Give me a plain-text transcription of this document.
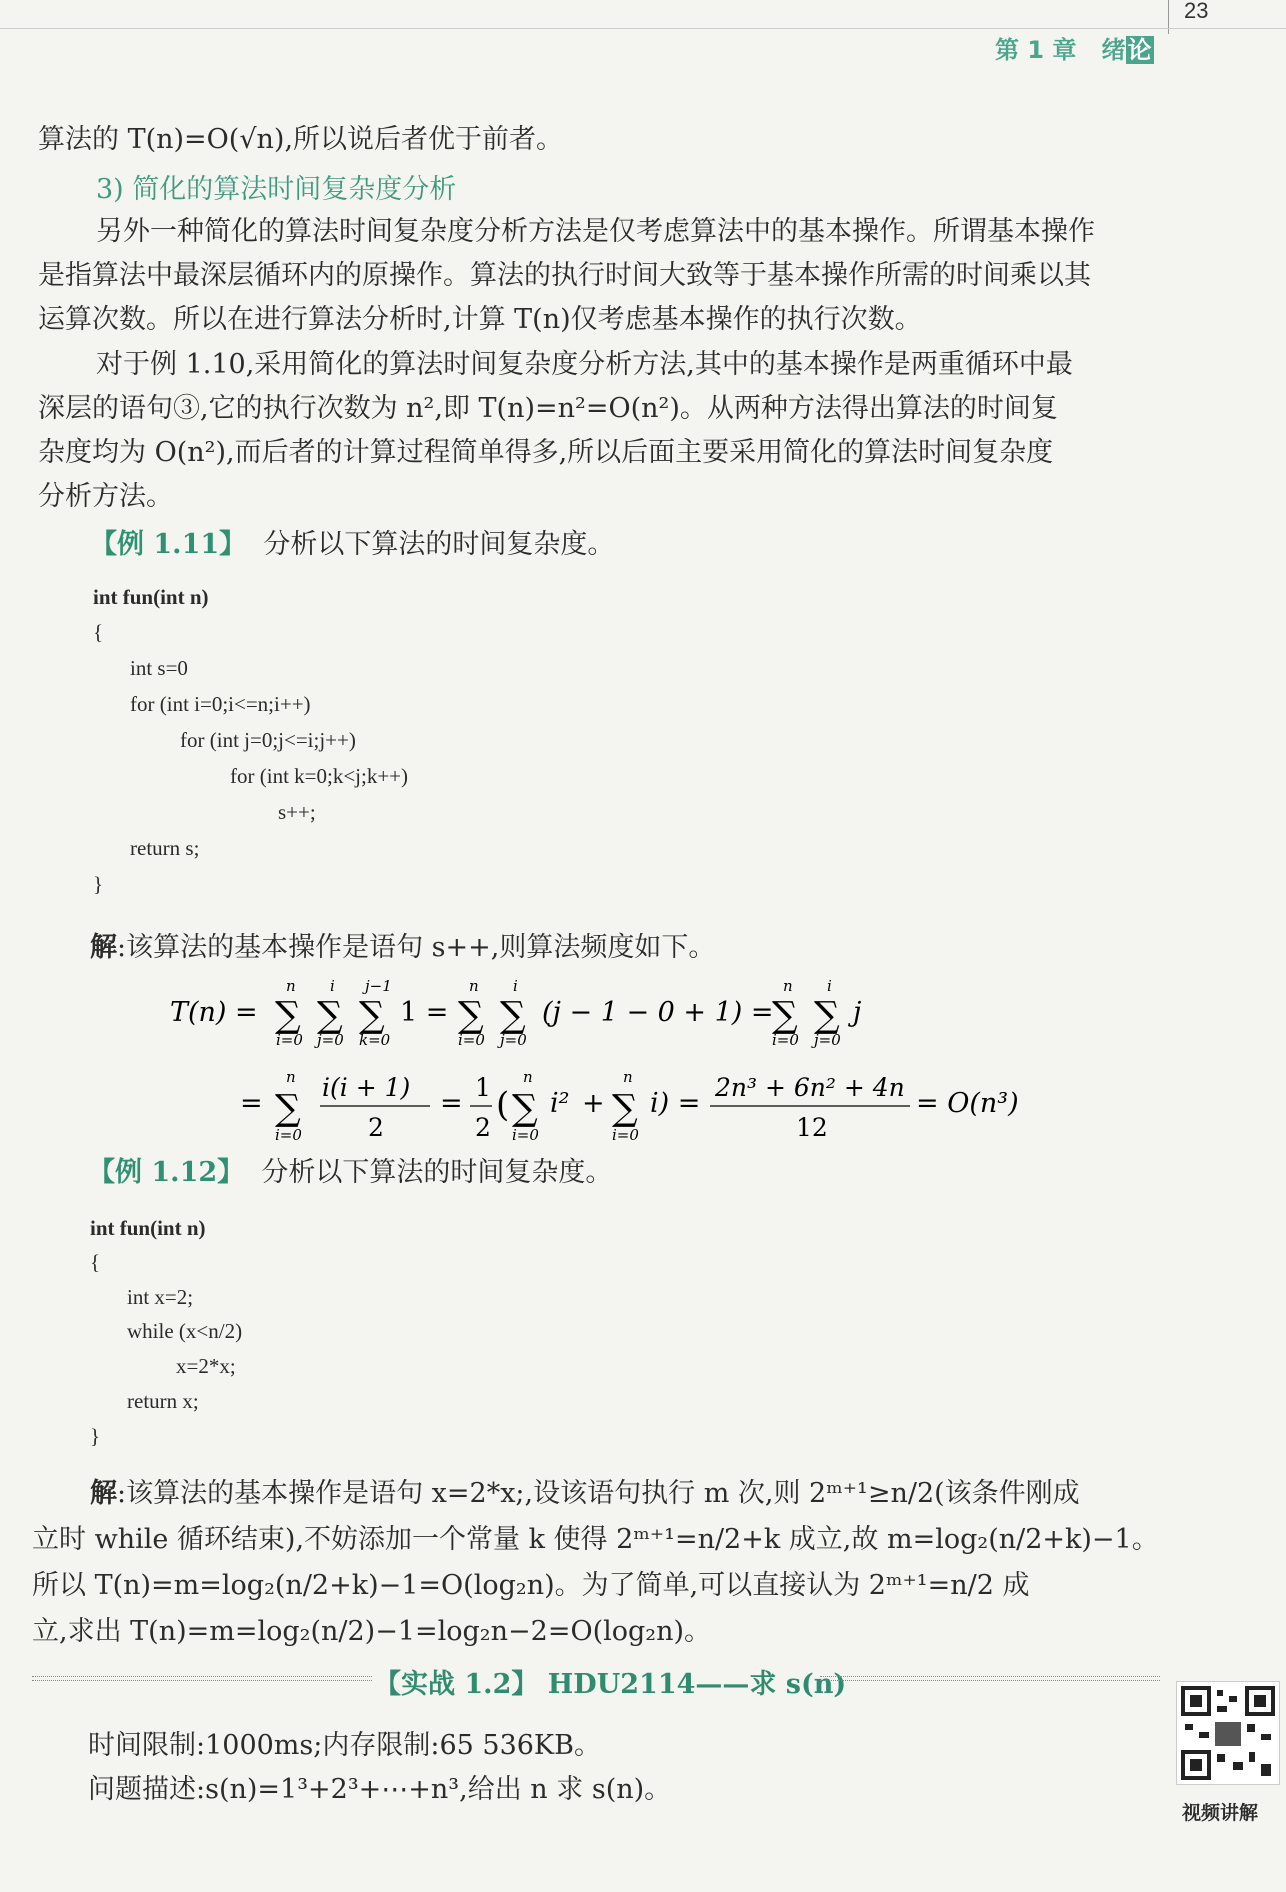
23
第 1 章 绪论
算法的 T(n)=O(√n),所以说后者优于前者。
3) 简化的算法时间复杂度分析
另外一种简化的算法时间复杂度分析方法是仅考虑算法中的基本操作。所谓基本操作
是指算法中最深层循环内的原操作。算法的执行时间大致等于基本操作所需的时间乘以其
运算次数。所以在进行算法分析时,计算 T(n)仅考虑基本操作的执行次数。
对于例 1.10,采用简化的算法时间复杂度分析方法,其中的基本操作是两重循环中最
深层的语句③,它的执行次数为 n²,即 T(n)=n²=O(n²)。从两种方法得出算法的时间复
杂度均为 O(n²),而后者的计算过程简单得多,所以后面主要采用简化的算法时间复杂度
分析方法。
【例 1.11】 分析以下算法的时间复杂度。
int fun(int n)
{
int s=0
for (int i=0;i<=n;i++)
for (int j=0;j<=i;j++)
for (int k=0;k<j;k++)
s++;
return s;
}
解:该算法的基本操作是语句 s++,则算法频度如下。
T(n) = ∑
n
i=0
∑
i
j=0
∑
j−1
k=0
1 = ∑
n
i=0
∑
i
j=0
(j − 1 − 0 + 1) =
∑
n
i=0
∑
i
j=0
j
= ∑
n
i=0
i(i + 1)
2
=
1
2
( ∑
n
i=0
i² + ∑
n
i=0
i) =
2n³ + 6n² + 4n
12
= O(n³)
【例 1.12】 分析以下算法的时间复杂度。
int fun(int n)
{
int x=2;
while (x<n/2)
x=2*x;
return x;
}
解:该算法的基本操作是语句 x=2*x;,设该语句执行 m 次,则 2ᵐ⁺¹≥n/2(该条件刚成
立时 while 循环结束),不妨添加一个常量 k 使得 2ᵐ⁺¹=n/2+k 成立,故 m=log₂(n/2+k)−1。
所以 T(n)=m=log₂(n/2+k)−1=O(log₂n)。为了简单,可以直接认为 2ᵐ⁺¹=n/2 成
立,求出 T(n)=m=log₂(n/2)−1=log₂n−2=O(log₂n)。
【实战 1.2】 HDU2114——求 s(n)
视频讲解
时间限制:1000ms;内存限制:65 536KB。
问题描述:s(n)=1³+2³+⋯+n³,给出 n 求 s(n)。
